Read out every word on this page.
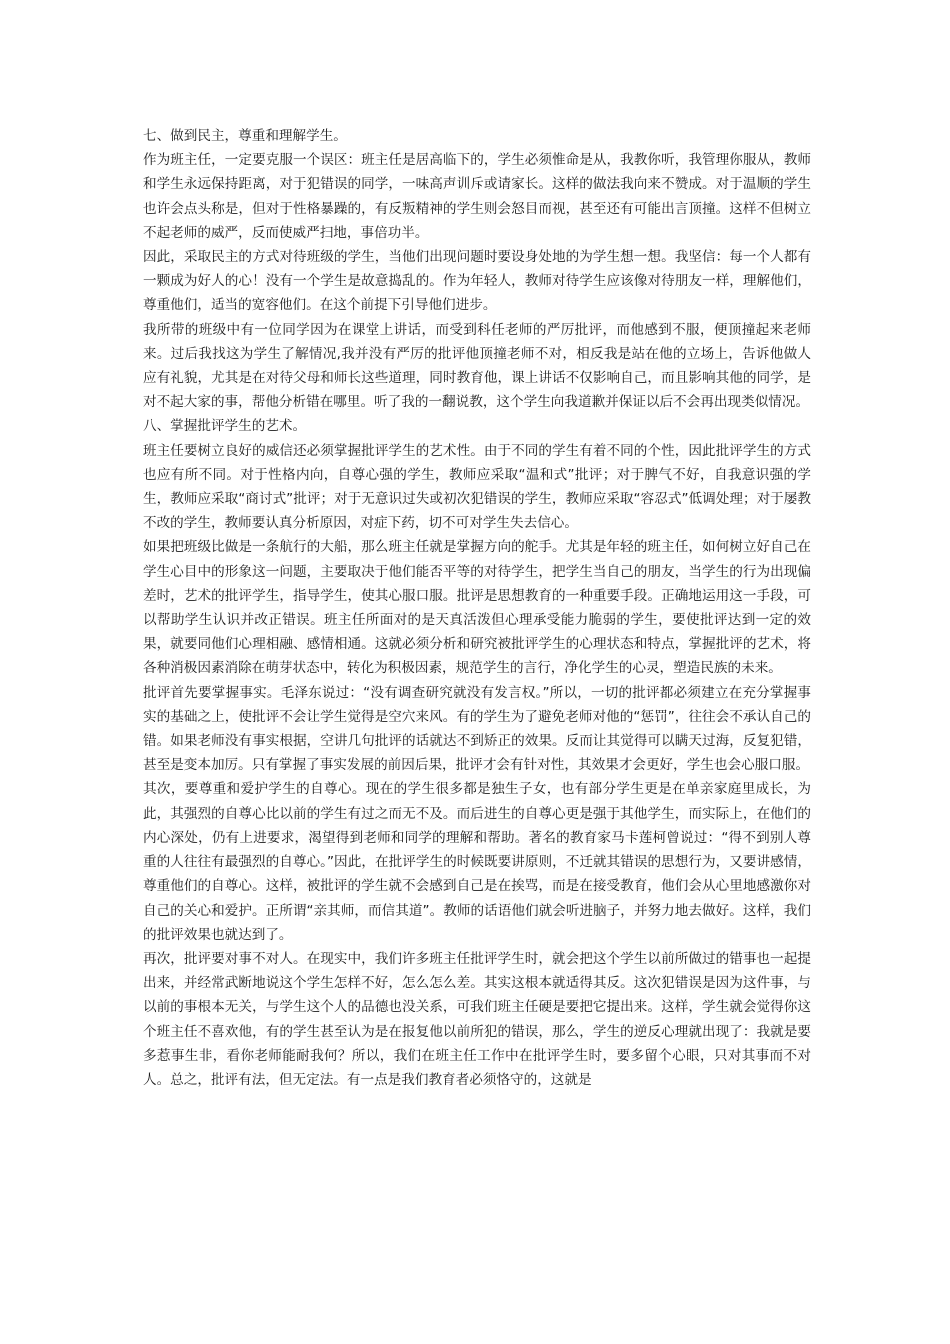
七、做到民主，尊重和理解学生。

作为班主任，一定要克服一个误区：班主任是居高临下的，学生必须惟命是从，我教你听，我管理你服从，教师和学生永远保持距离，对于犯错误的同学，一味高声训斥或请家长。这样的做法我向来不赞成。对于温顺的学生也许会点头称是，但对于性格暴躁的，有反叛精神的学生则会怒目而视，甚至还有可能出言顶撞。这样不但树立不起老师的威严，反而使威严扫地，事倍功半。

因此，采取民主的方式对待班级的学生，当他们出现问题时要设身处地的为学生想一想。我坚信：每一个人都有一颗成为好人的心！没有一个学生是故意捣乱的。作为年轻人，教师对待学生应该像对待朋友一样，理解他们，尊重他们，适当的宽容他们。在这个前提下引导他们进步。

我所带的班级中有一位同学因为在课堂上讲话，而受到科任老师的严厉批评，而他感到不服，便顶撞起来老师来。过后我找这为学生了解情况,我并没有严厉的批评他顶撞老师不对，相反我是站在他的立场上，告诉他做人应有礼貌，尤其是在对待父母和师长这些道理，同时教育他，课上讲话不仅影响自己，而且影响其他的同学，是对不起大家的事，帮他分析错在哪里。听了我的一翻说教，这个学生向我道歉并保证以后不会再出现类似情况。

八、掌握批评学生的艺术。

班主任要树立良好的威信还必须掌握批评学生的艺术性。由于不同的学生有着不同的个性，因此批评学生的方式也应有所不同。对于性格内向，自尊心强的学生，教师应采取“温和式”批评；对于脾气不好，自我意识强的学生，教师应采取“商讨式”批评；对于无意识过失或初次犯错误的学生，教师应采取“容忍式”低调处理；对于屡教不改的学生，教师要认真分析原因，对症下药，切不可对学生失去信心。

如果把班级比做是一条航行的大船，那么班主任就是掌握方向的舵手。尤其是年轻的班主任，如何树立好自己在学生心目中的形象这一问题，主要取决于他们能否平等的对待学生，把学生当自己的朋友，当学生的行为出现偏差时，艺术的批评学生，指导学生，使其心服口服。批评是思想教育的一种重要手段。正确地运用这一手段，可以帮助学生认识并改正错误。班主任所面对的是天真活泼但心理承受能力脆弱的学生，要使批评达到一定的效果，就要同他们心理相融、感情相通。这就必须分析和研究被批评学生的心理状态和特点，掌握批评的艺术，将各种消极因素消除在萌芽状态中，转化为积极因素，规范学生的言行，净化学生的心灵，塑造民族的未来。

批评首先要掌握事实。毛泽东说过：“没有调查研究就没有发言权。”所以，一切的批评都必须建立在充分掌握事实的基础之上，使批评不会让学生觉得是空穴来风。有的学生为了避免老师对他的“惩罚”，往往会不承认自己的错。如果老师没有事实根据，空讲几句批评的话就达不到矫正的效果。反而让其觉得可以瞒天过海，反复犯错，甚至是变本加厉。只有掌握了事实发展的前因后果，批评才会有针对性，其效果才会更好，学生也会心服口服。

其次，要尊重和爱护学生的自尊心。现在的学生很多都是独生子女，也有部分学生更是在单亲家庭里成长，为此，其强烈的自尊心比以前的学生有过之而无不及。而后进生的自尊心更是强于其他学生，而实际上，在他们的内心深处，仍有上进要求，渴望得到老师和同学的理解和帮助。著名的教育家马卡莲柯曾说过：“得不到别人尊重的人往往有最强烈的自尊心。”因此，在批评学生的时候既要讲原则，不迁就其错误的思想行为，又要讲感情，尊重他们的自尊心。这样，被批评的学生就不会感到自己是在挨骂，而是在接受教育，他们会从心里地感激你对自己的关心和爱护。正所谓“亲其师，而信其道”。教师的话语他们就会听进脑子，并努力地去做好。这样，我们的批评效果也就达到了。

再次，批评要对事不对人。在现实中，我们许多班主任批评学生时，就会把这个学生以前所做过的错事也一起提出来，并经常武断地说这个学生怎样不好，怎么怎么差。其实这根本就适得其反。这次犯错误是因为这件事，与以前的事根本无关，与学生这个人的品德也没关系，可我们班主任硬是要把它提出来。这样，学生就会觉得你这个班主任不喜欢他，有的学生甚至认为是在报复他以前所犯的错误，那么，学生的逆反心理就出现了：我就是要多惹事生非，看你老师能耐我何？所以，我们在班主任工作中在批评学生时，要多留个心眼，只对其事而不对人。总之，批评有法，但无定法。有一点是我们教育者必须恪守的，这就是
